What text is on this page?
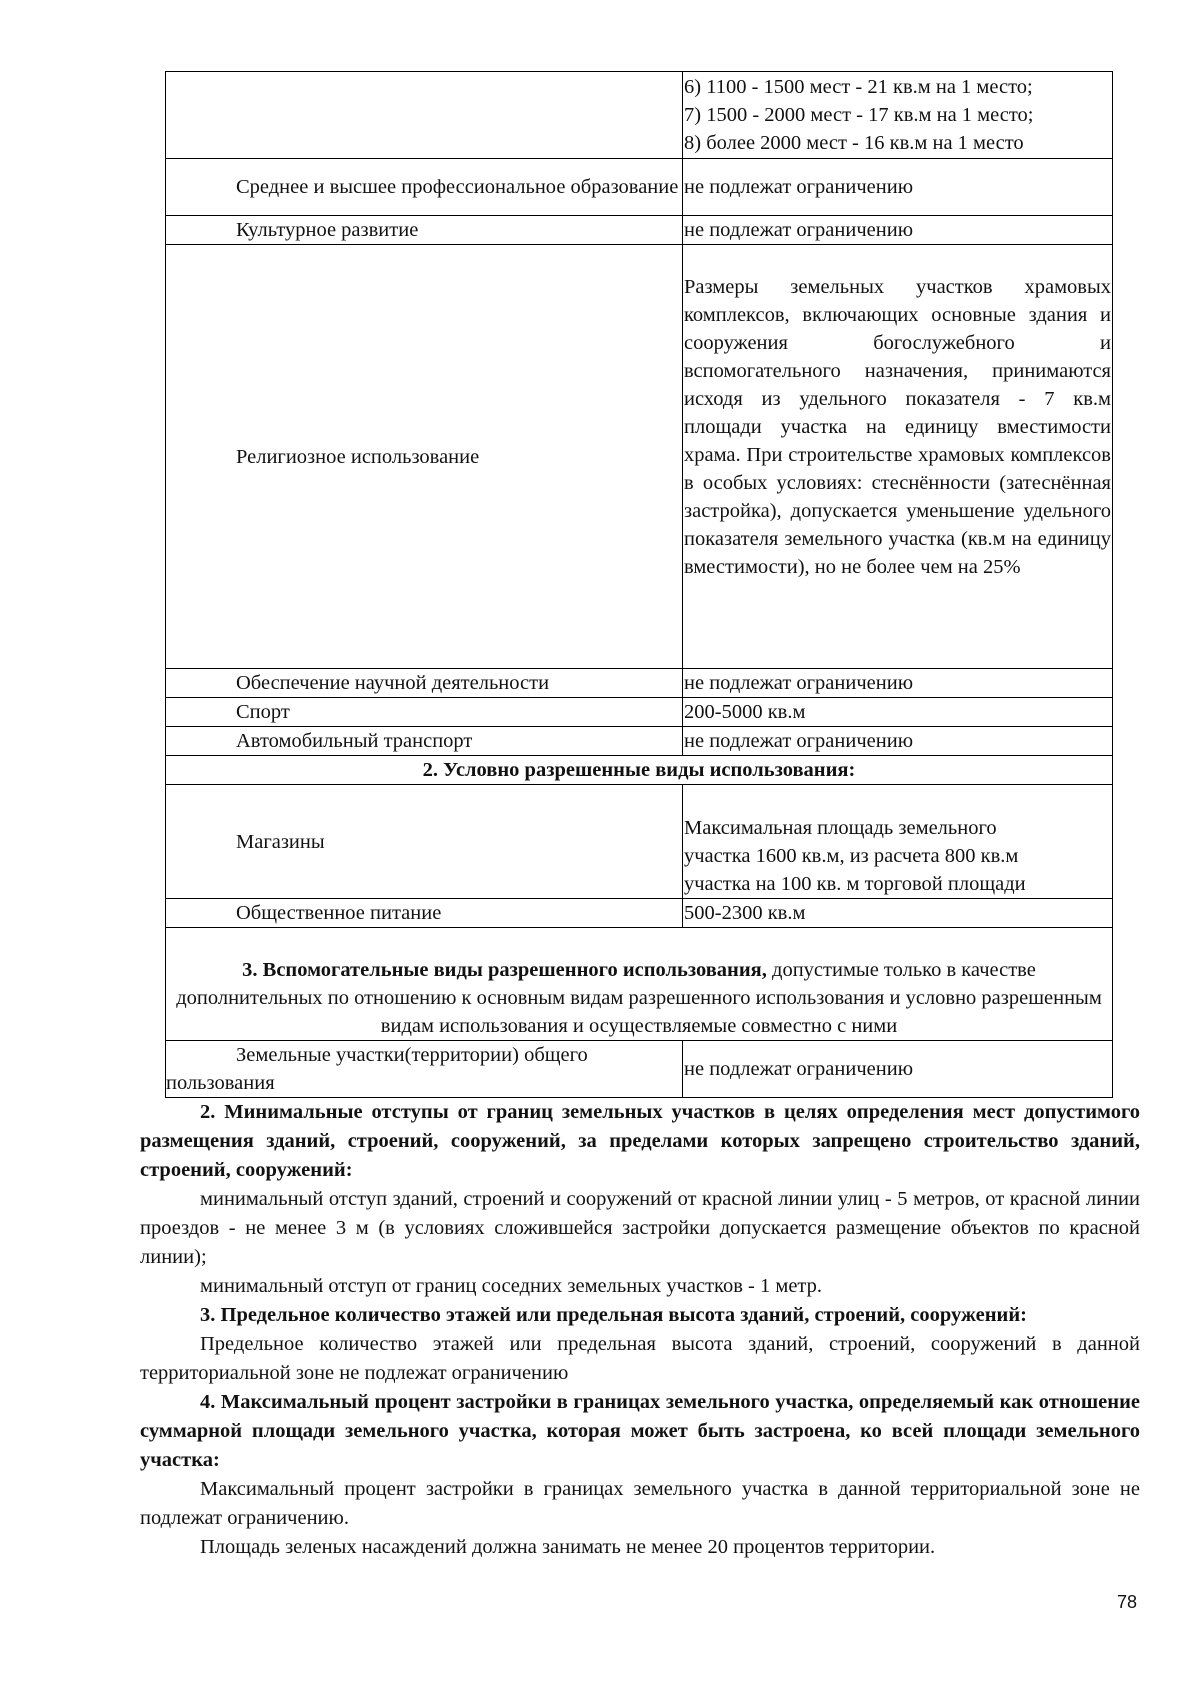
	6) 1100 - 1500 мест - 21 кв.м на 1 место;
7) 1500 - 2000 мест - 17 кв.м на 1 место;
8) более 2000 мест - 16 кв.м на 1 место

Среднее и высшее профессиональное образование	не подлежат ограничению
Культурное развитие	не подлежат ограничению
Религиозное использование	Размеры земельных участков храмовых комплексов, включающих основные здания и сооружения богослужебного и вспомогательного назначения, принимаются исходя из удельного показателя - 7 кв.м площади участка на единицу вместимости храма. При строительстве храмовых комплексов в особых условиях: стеснённости (затеснённая застройка), допускается уменьшение удельного показателя земельного участка (кв.м на единицу вместимости), но не более чем на 25%
Обеспечение научной деятельности	не подлежат ограничению
Спорт	200-5000 кв.м
Автомобильный транспорт	не подлежат ограничению
2. Условно разрешенные виды использования:	
Магазины	Максимальная площадь земельного
участка 1600 кв.м, из расчета 800 кв.м
участка на 100 кв. м торговой площади

Общественное питание	500-2300 кв.м
3. Вспомогательные виды разрешенного использования, допустимые только в качестве дополнительных по отношению к основным видам разрешенного использования и условно разрешенным видам использования и осуществляемые совместно с ними	
Земельные участки(территории) общего пользования	не подлежат ограничению

2. Минимальные отступы от границ земельных участков в целях определения мест допустимого размещения зданий, строений, сооружений, за пределами которых запрещено строительство зданий, строений, сооружений:

минимальный отступ зданий, строений и сооружений от красной линии улиц - 5 метров, от красной линии проездов - не менее 3 м (в условиях сложившейся застройки допускается размещение объектов по красной линии);

минимальный отступ от границ соседних земельных участков - 1 метр.

3. Предельное количество этажей или предельная высота зданий, строений, сооружений:

Предельное количество этажей или предельная высота зданий, строений, сооружений в данной территориальной зоне не подлежат ограничению

4. Максимальный процент застройки в границах земельного участка, определяемый как отношение суммарной площади земельного участка, которая может быть застроена, ко всей площади земельного участка:

Максимальный процент застройки в границах земельного участка в данной территориальной зоне не подлежат ограничению.

Площадь зеленых насаждений должна занимать не менее 20 процентов территории.

78
